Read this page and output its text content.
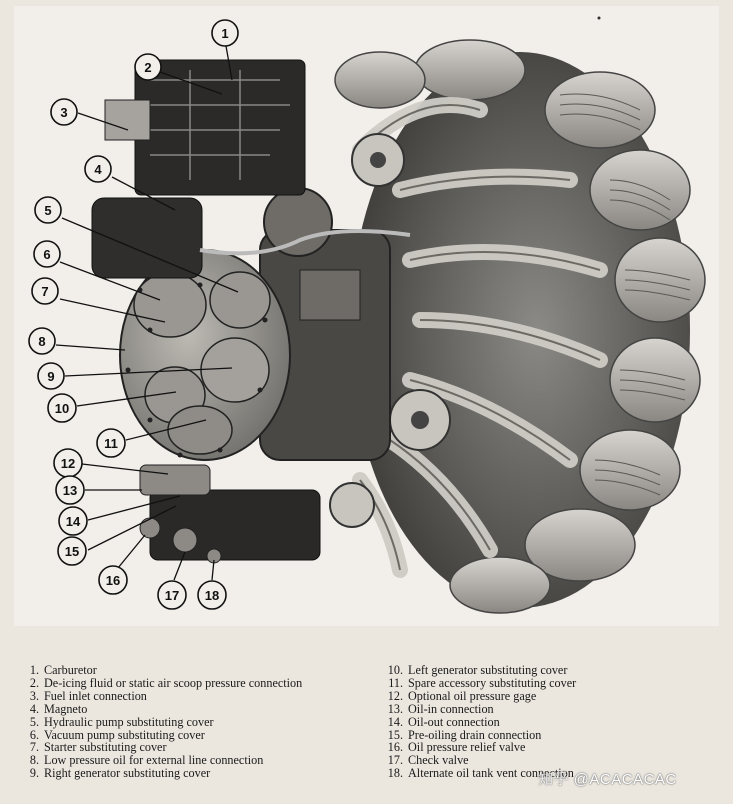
1
2
3
4
5
6
7
8
9
10
11
12
13
14
15
16
17 18
1. Carburetor
2. De-icing fluid or static air scoop pressure connection
3. Fuel inlet connection
4. Magneto
5. Hydraulic pump substituting cover
6. Vacuum pump substituting cover
7. Starter substituting cover
8. Low pressure oil for external line connection
9. Right generator substituting cover
10. Left generator substituting cover
11. Spare accessory substituting cover
12. Optional oil pressure gage
13. Oil-in connection
14. Oil-out connection
15. Pre-oiling drain connection
16. Oil pressure relief valve
17. Check valve
18. Alternate oil tank vent connection
知乎 @ACACACAC
